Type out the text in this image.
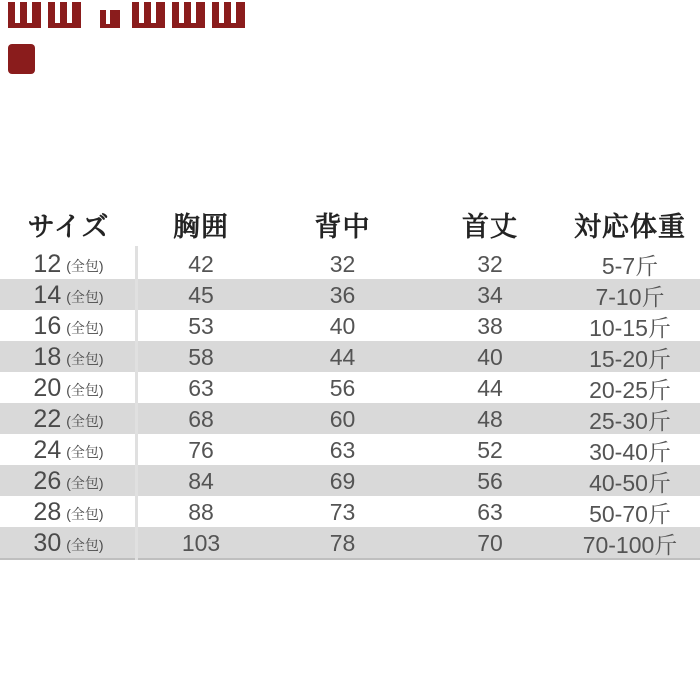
サイズ	胸囲	背中	首丈	対応体重
12 (全包)	42	32	32	5-7斤
14 (全包)	45	36	34	7-10斤
16 (全包)	53	40	38	10-15斤
18 (全包)	58	44	40	15-20斤
20 (全包)	63	56	44	20-25斤
22 (全包)	68	60	48	25-30斤
24 (全包)	76	63	52	30-40斤
26 (全包)	84	69	56	40-50斤
28 (全包)	88	73	63	50-70斤
30 (全包)	103	78	70	70-100斤
